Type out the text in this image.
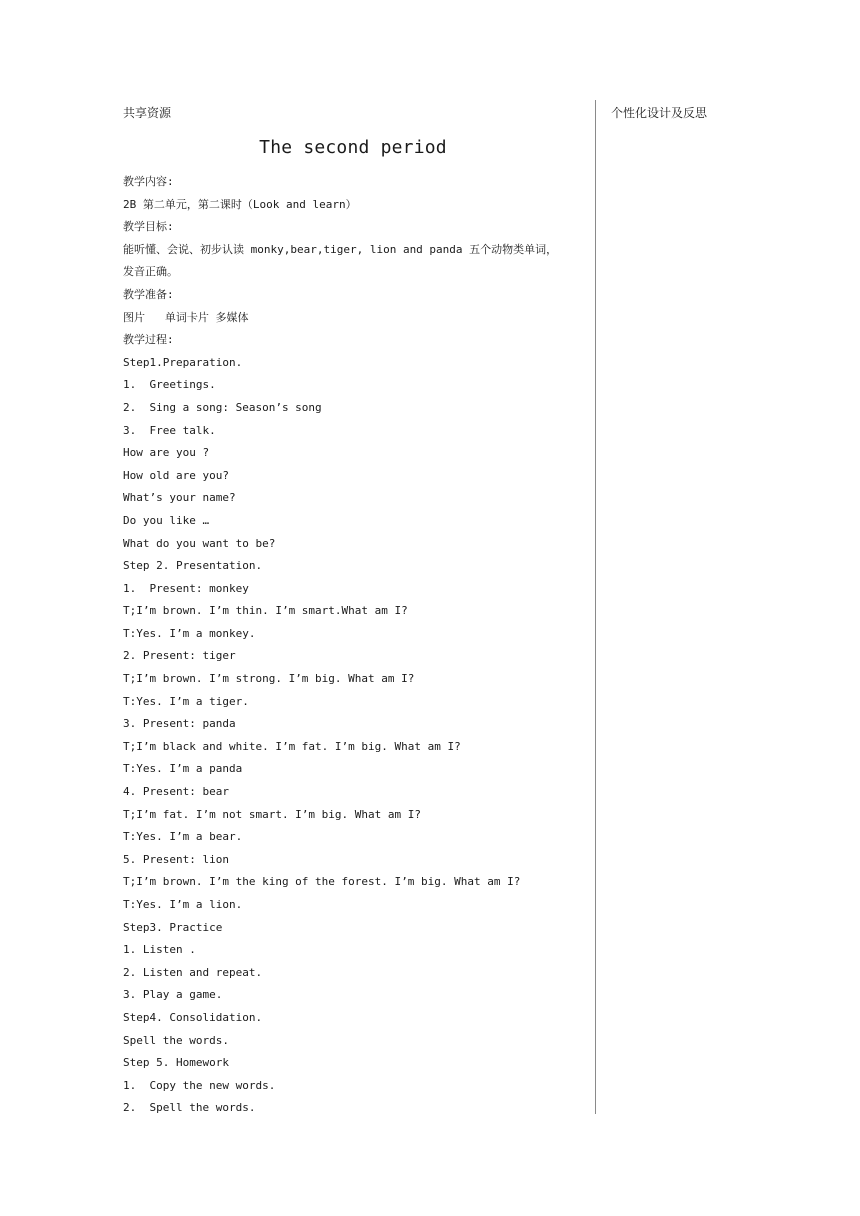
共享资源	个性化设计及反思
The second period
教学内容:
2B 第二单元，第二课时（Look and learn）
教学目标:
能听懂、会说、初步认读 monky,bear,tiger, lion and panda 五个动物类单词，
发音正确。
教学准备:
图片   单词卡片 多媒体
教学过程:
Step1.Preparation.
1.  Greetings.
2.  Sing a song: Season’s song
3.  Free talk.
How are you ?
How old are you?
What’s your name?
Do you like …
What do you want to be?
Step 2. Presentation.
1.  Present: monkey
T;I’m brown. I’m thin. I’m smart.What am I?
T:Yes. I’m a monkey.
2. Present: tiger
T;I’m brown. I’m strong. I’m big. What am I?
T:Yes. I’m a tiger.
3. Present: panda
T;I’m black and white. I’m fat. I’m big. What am I?
T:Yes. I’m a panda
4. Present: bear
T;I’m fat. I’m not smart. I’m big. What am I?
T:Yes. I’m a bear.
5. Present: lion
T;I’m brown. I’m the king of the forest. I’m big. What am I?
T:Yes. I’m a lion.
Step3. Practice
1. Listen .
2. Listen and repeat.
3. Play a game.
Step4. Consolidation.
Spell the words.
Step 5. Homework
1.  Copy the new words.
2.  Spell the words.
